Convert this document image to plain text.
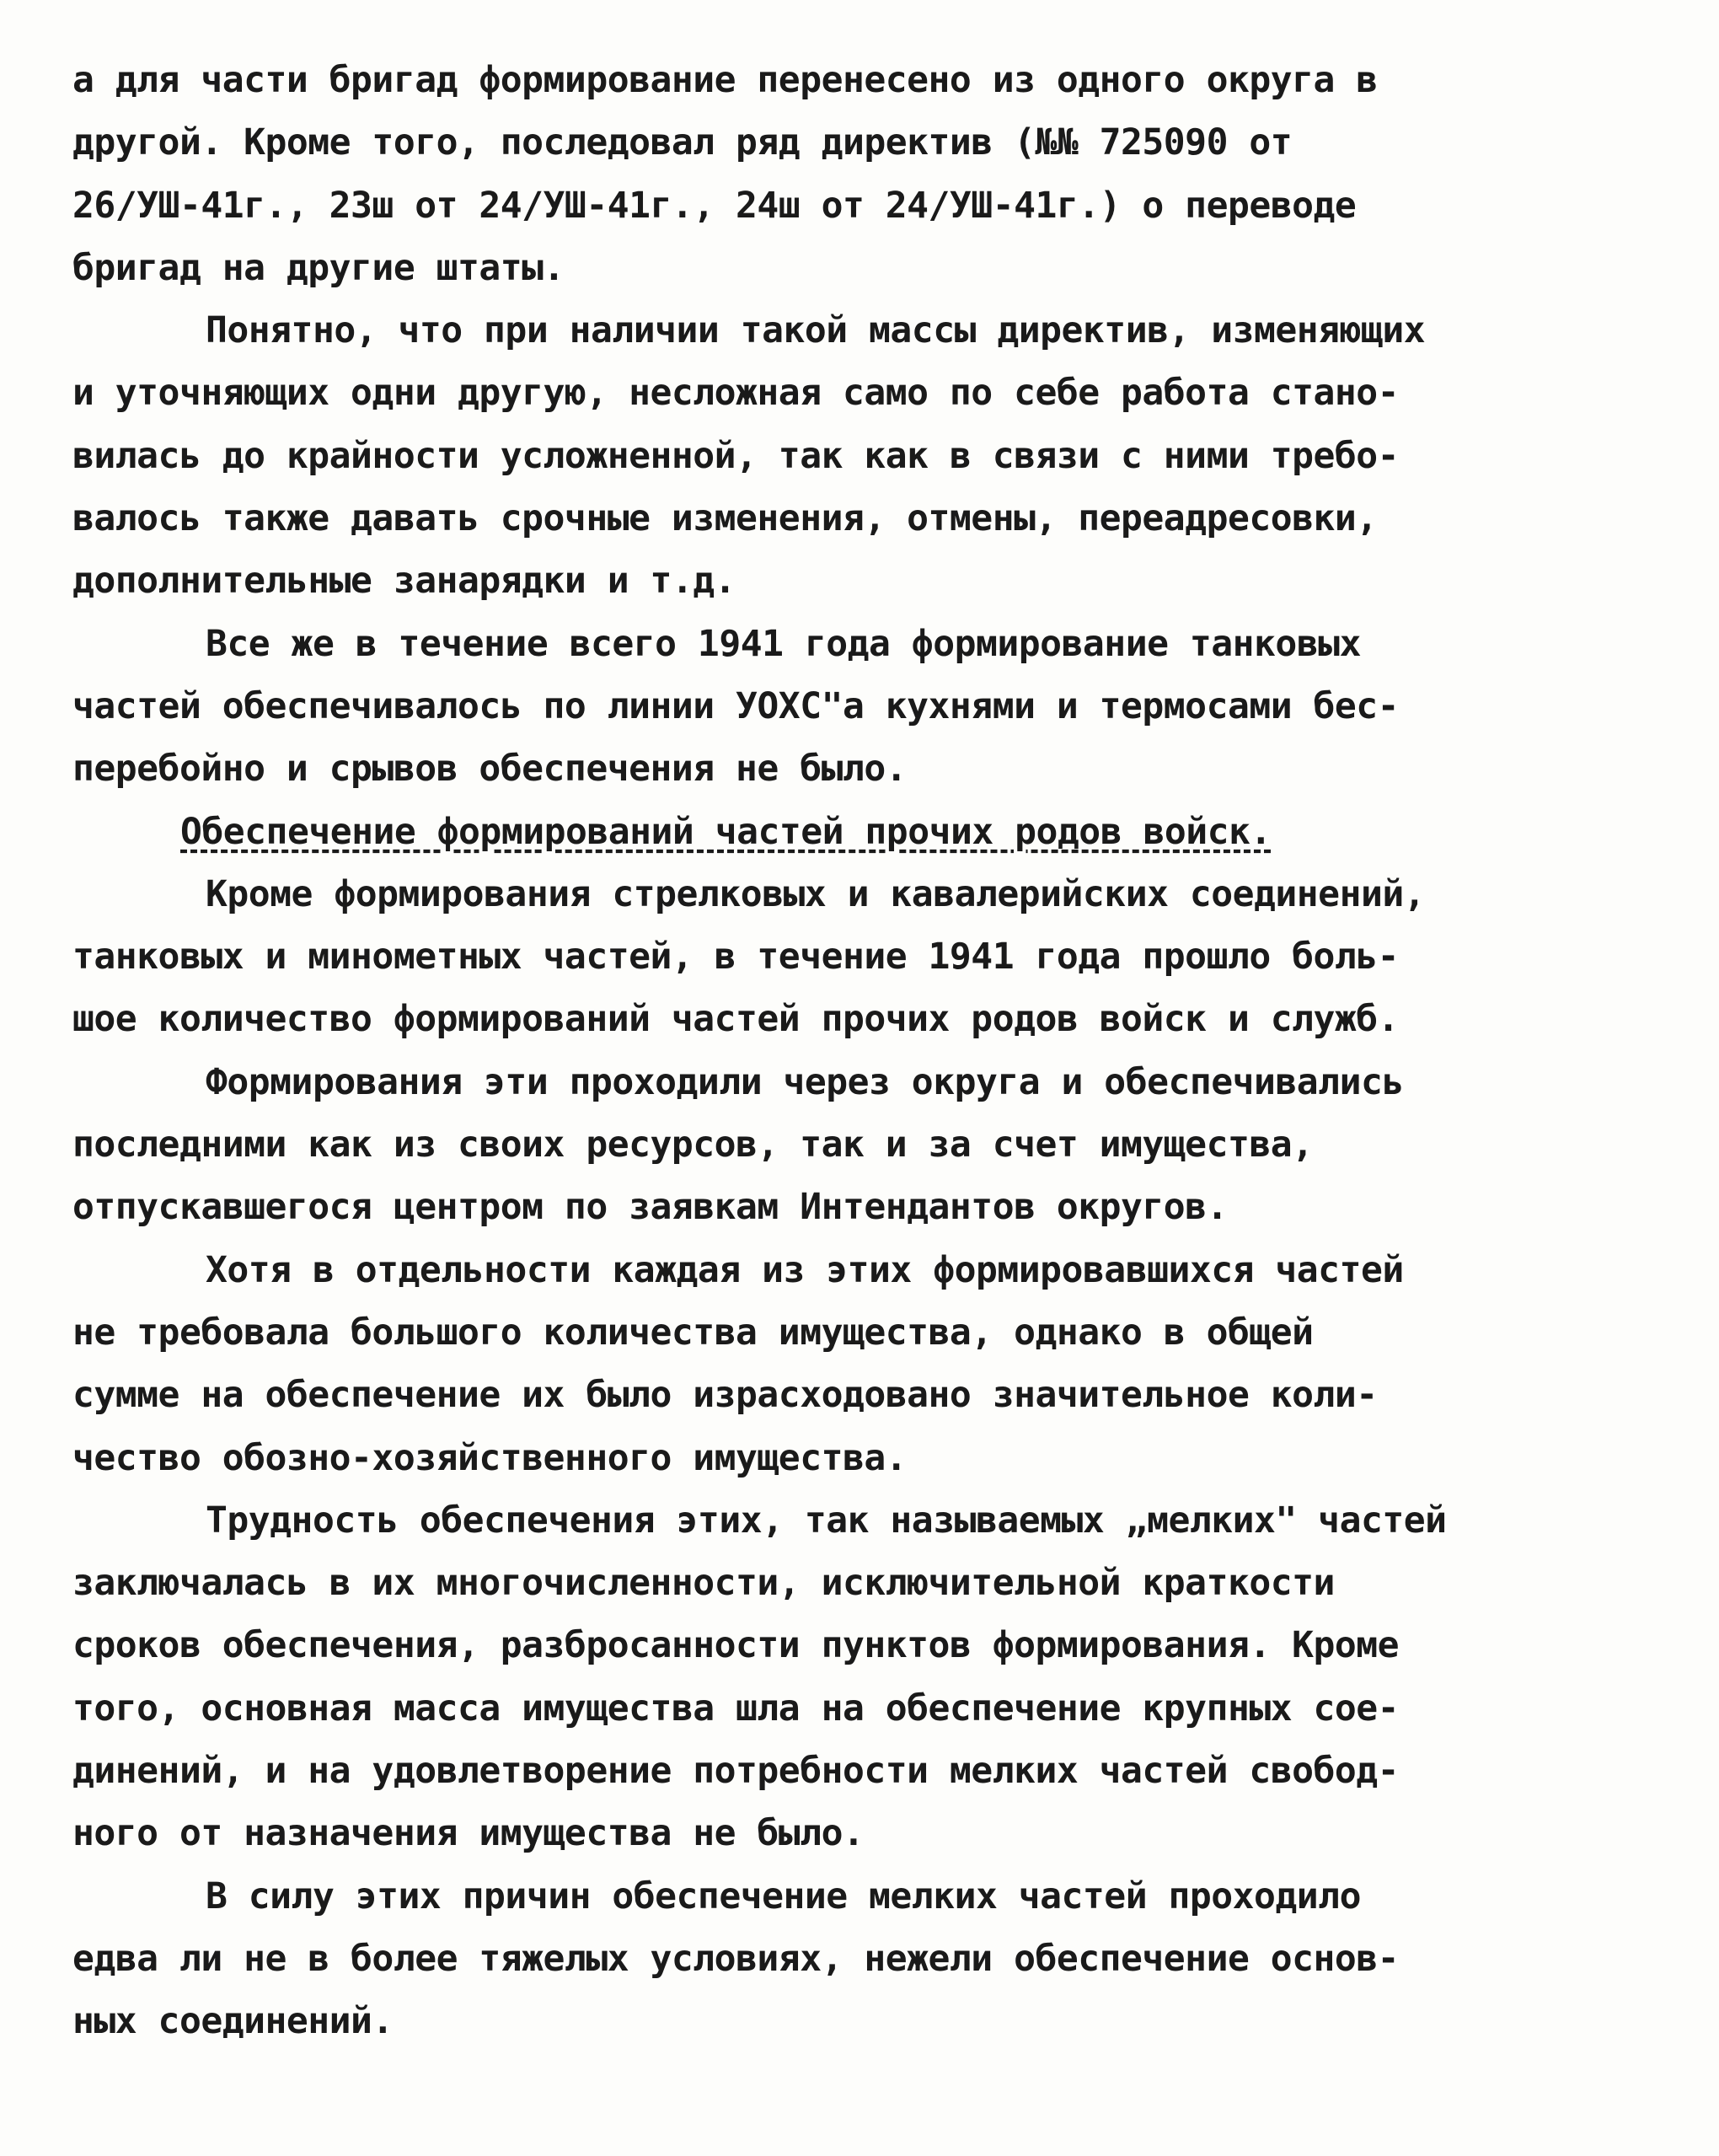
а для части бригад формирование перенесено из одного округа в
другой. Кроме того, последовал ряд директив (№№ 725090 от
26/УШ-41г., 23ш от 24/УШ-41г., 24ш от 24/УШ-41г.) о переводе
бригад на другие штаты.
Понятно, что при наличии такой массы директив, изменяющих
и уточняющих одни другую, несложная само по себе работа стано-
вилась до крайности усложненной, так как в связи с ними требо-
валось также давать срочные изменения, отмены, переадресовки,
дополнительные занарядки и т.д.
Все же в течение всего 1941 года формирование танковых
частей обеспечивалось по линии УОХС"а кухнями и термосами бес-
перебойно и срывов обеспечения не было.
Обеспечение формирований частей прочих родов войск.
Кроме формирования стрелковых и кавалерийских соединений,
танковых и минометных частей, в течение 1941 года прошло боль-
шое количество формирований частей прочих родов войск и служб.
Формирования эти проходили через округа и обеспечивались
последними как из своих ресурсов, так и за счет имущества,
отпускавшегося центром по заявкам Интендантов округов.
Хотя в отдельности каждая из этих формировавшихся частей
не требовала большого количества имущества, однако в общей
сумме на обеспечение их было израсходовано значительное коли-
чество обозно-хозяйственного имущества.
Трудность обеспечения этих, так называемых „мелких" частей
заключалась в их многочисленности, исключительной краткости
сроков обеспечения, разбросанности пунктов формирования. Кроме
того, основная масса имущества шла на обеспечение крупных сое-
динений, и на удовлетворение потребности мелких частей свобод-
ного от назначения имущества не было.
В силу этих причин обеспечение мелких частей проходило
едва ли не в более тяжелых условиях, нежели обеспечение основ-
ных соединений.
